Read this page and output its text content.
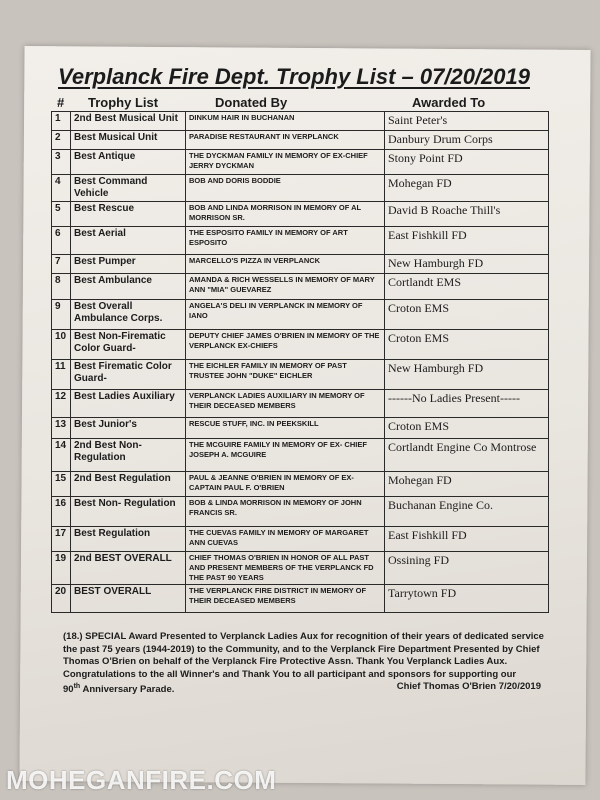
Verplanck Fire Dept. Trophy List – 07/20/2019
# Trophy List	Donated By	Awarded To
1	2nd Best Musical Unit	DINKUM HAIR IN BUCHANAN	Saint Peter's
2	Best Musical Unit	PARADISE RESTAURANT IN VERPLANCK	Danbury Drum Corps
3	Best Antique	THE DYCKMAN FAMILY IN MEMORY OF EX-CHIEF JERRY DYCKMAN	Stony Point FD
4	Best Command Vehicle	BOB AND DORIS BODDIE	Mohegan FD
5	Best Rescue	BOB AND LINDA MORRISON IN MEMORY OF AL MORRISON SR.	David B Roache Thill's
6	Best Aerial	THE ESPOSITO FAMILY IN MEMORY OF ART ESPOSITO	East Fishkill FD
7	Best Pumper	MARCELLO'S PIZZA IN VERPLANCK	New Hamburgh FD
8	Best Ambulance	AMANDA & RICH WESSELLS IN MEMORY OF MARY ANN "MIA" GUEVAREZ	Cortlandt EMS
9	Best Overall Ambulance Corps.	ANGELA'S DELI IN VERPLANCK IN MEMORY OF IANO	Croton EMS
10	Best Non-Firematic Color Guard-	DEPUTY CHIEF JAMES O'BRIEN IN MEMORY OF THE VERPLANCK EX-CHIEFS	Croton EMS
11	Best Firematic Color Guard-	THE EICHLER FAMILY IN MEMORY OF PAST TRUSTEE JOHN "DUKE" EICHLER	New Hamburgh FD
12	Best Ladies Auxiliary	VERPLANCK LADIES AUXILIARY IN MEMORY OF THEIR DECEASED MEMBERS	------No Ladies Present-----
13	Best Junior's	RESCUE STUFF, INC. IN PEEKSKILL	Croton EMS
14	2nd Best Non-Regulation	THE MCGUIRE FAMILY IN MEMORY OF EX- CHIEF JOSEPH A. MCGUIRE	Cortlandt Engine Co Montrose
15	2nd Best Regulation	PAUL & JEANNE O'BRIEN IN MEMORY OF EX- CAPTAIN PAUL F. O'BRIEN	Mohegan FD
16	Best Non- Regulation	BOB & LINDA MORRISON IN MEMORY OF JOHN FRANCIS SR.	Buchanan Engine Co.
17	Best Regulation	THE CUEVAS FAMILY IN MEMORY OF MARGARET ANN CUEVAS	East Fishkill FD
19	2nd BEST OVERALL	CHIEF THOMAS O'BRIEN IN HONOR OF ALL PAST AND PRESENT MEMBERS OF THE VERPLANCK FD THE PAST 90 YEARS	Ossining FD
20	BEST OVERALL	THE VERPLANCK FIRE DISTRICT IN MEMORY OF THEIR DECEASED MEMBERS	Tarrytown FD

(18.) SPECIAL Award Presented to Verplanck Ladies Aux for recognition of their years of dedicated service the past 75 years (1944-2019) to the Community, and to the Verplanck Fire Department Presented by Chief Thomas O'Brien on behalf of the Verplanck Fire Protective Assn. Thank You Verplanck Ladies Aux.

Congratulations to the all Winner's and Thank You to all participant and sponsors for supporting our

90th Anniversary Parade.	Chief Thomas O'Brien 7/20/2019

MOHEGANFIRE.COM
